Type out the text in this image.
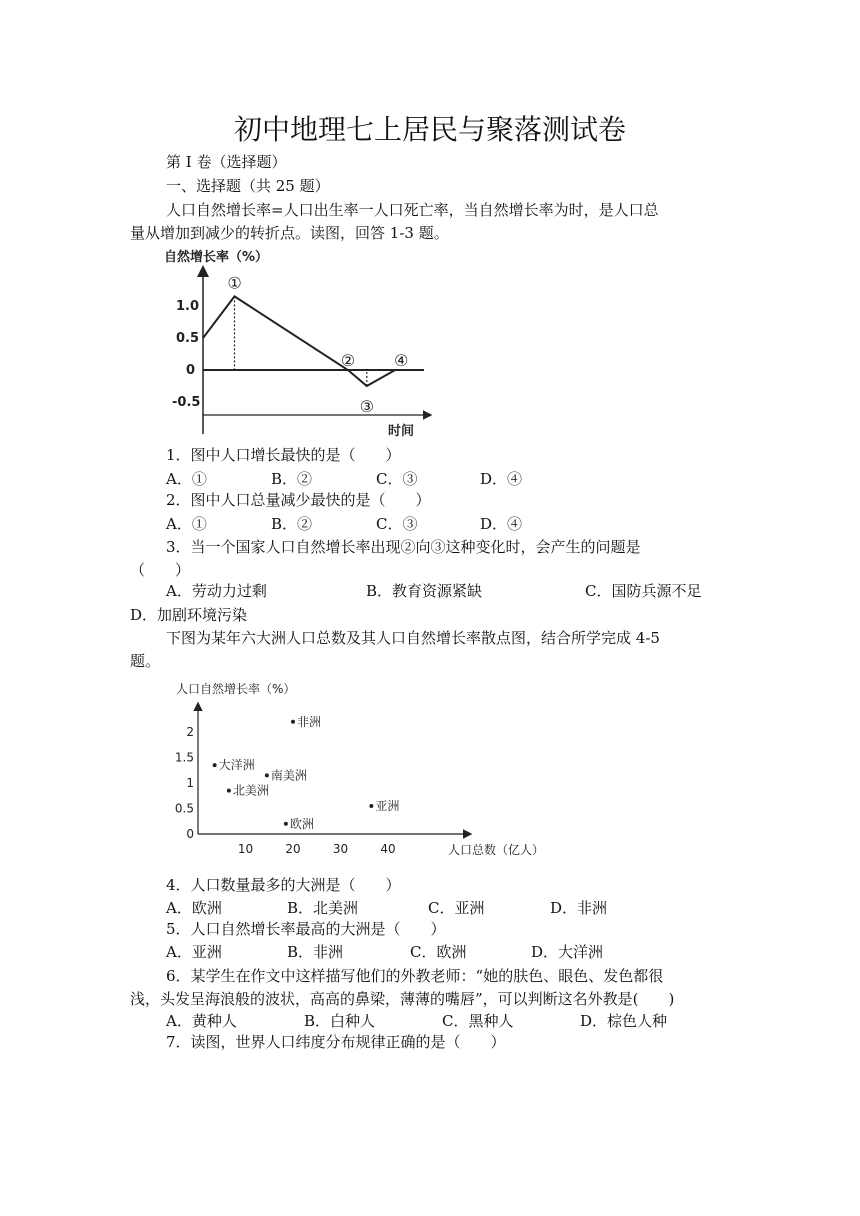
初中地理七上居民与聚落测试卷
第 I 卷（选择题）
一、选择题（共 25 题）
人口自然增长率=人口出生率一人口死亡率，当自然增长率为时，是人口总
量从增加到减少的转折点。读图，回答 1-3 题。
自然增长率（%）
1.0
0.5
0
-0.5
①
②
③
④
时间
1．图中人口增长最快的是（　　）
A．①	B．②	C．③	D．④
2．图中人口总量减少最快的是（　　）
A．①	B．②	C．③	D．④
3．当一个国家人口自然增长率出现②向③这种变化时，会产生的问题是
（　　）
A．劳动力过剩	B．教育资源紧缺	C．国防兵源不足
D．加剧环境污染
下图为某年六大洲人口总数及其人口自然增长率散点图，结合所学完成 4-5
题。
人口自然增长率（%）
10	20	30	40
2
1.5
1
0.5
0
非洲
大洋洲
南美洲
北美洲
亚洲
欧洲
人口总数（亿人）
4．人口数量最多的大洲是（　　）
A．欧洲	B．北美洲	C．亚洲	D．非洲
5．人口自然增长率最高的大洲是（　　）
A．亚洲	B．非洲	C．欧洲	D．大洋洲
6．某学生在作文中这样描写他们的外教老师：“她的肤色、眼色、发色都很
浅，头发呈海浪般的波状，高高的鼻梁，薄薄的嘴唇”，可以判断这名外教是(　　)
A．黄种人	B．白种人	C．黑种人	D．棕色人种
7．读图，世界人口纬度分布规律正确的是（　　）
